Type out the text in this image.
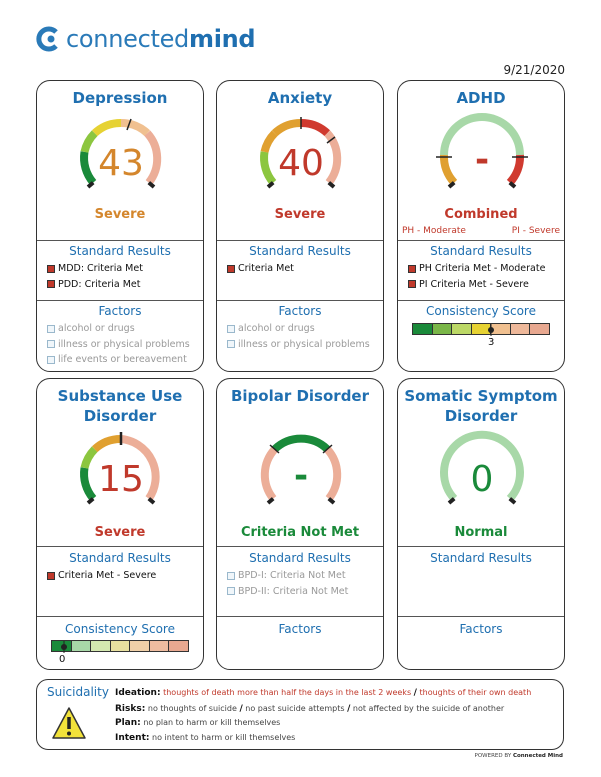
connectedmind
9/21/2020
Depression
43
Severe
Standard Results
MDD: Criteria Met
PDD: Criteria Met
Factors
alcohol or drugs
illness or physical problems
life events or bereavement
Anxiety
40
Severe
Standard Results
Criteria Met
Factors
alcohol or drugs
illness or physical problems
ADHD
-
Combined
PH - Moderate	PI - Severe
Standard Results
PH Criteria Met - Moderate
PI Criteria Met - Severe
Consistency Score
3
Substance Use
Disorder
15
Severe
Standard Results
Criteria Met - Severe
Consistency Score
0
Bipolar Disorder
-
Criteria Not Met
Standard Results
BPD-I: Criteria Not Met
BPD-II: Criteria Not Met
Factors
Somatic Symptom
Disorder
0
Normal
Standard Results
Factors
Suicidality Ideation: thoughts of death more than half the days in the last 2 weeks / thoughts of their own death
Risks: no thoughts of suicide / no past suicide attempts / not affected by the suicide of another
Plan: no plan to harm or kill themselves
Intent: no intent to harm or kill themselves
POWERED BY Connected Mind
